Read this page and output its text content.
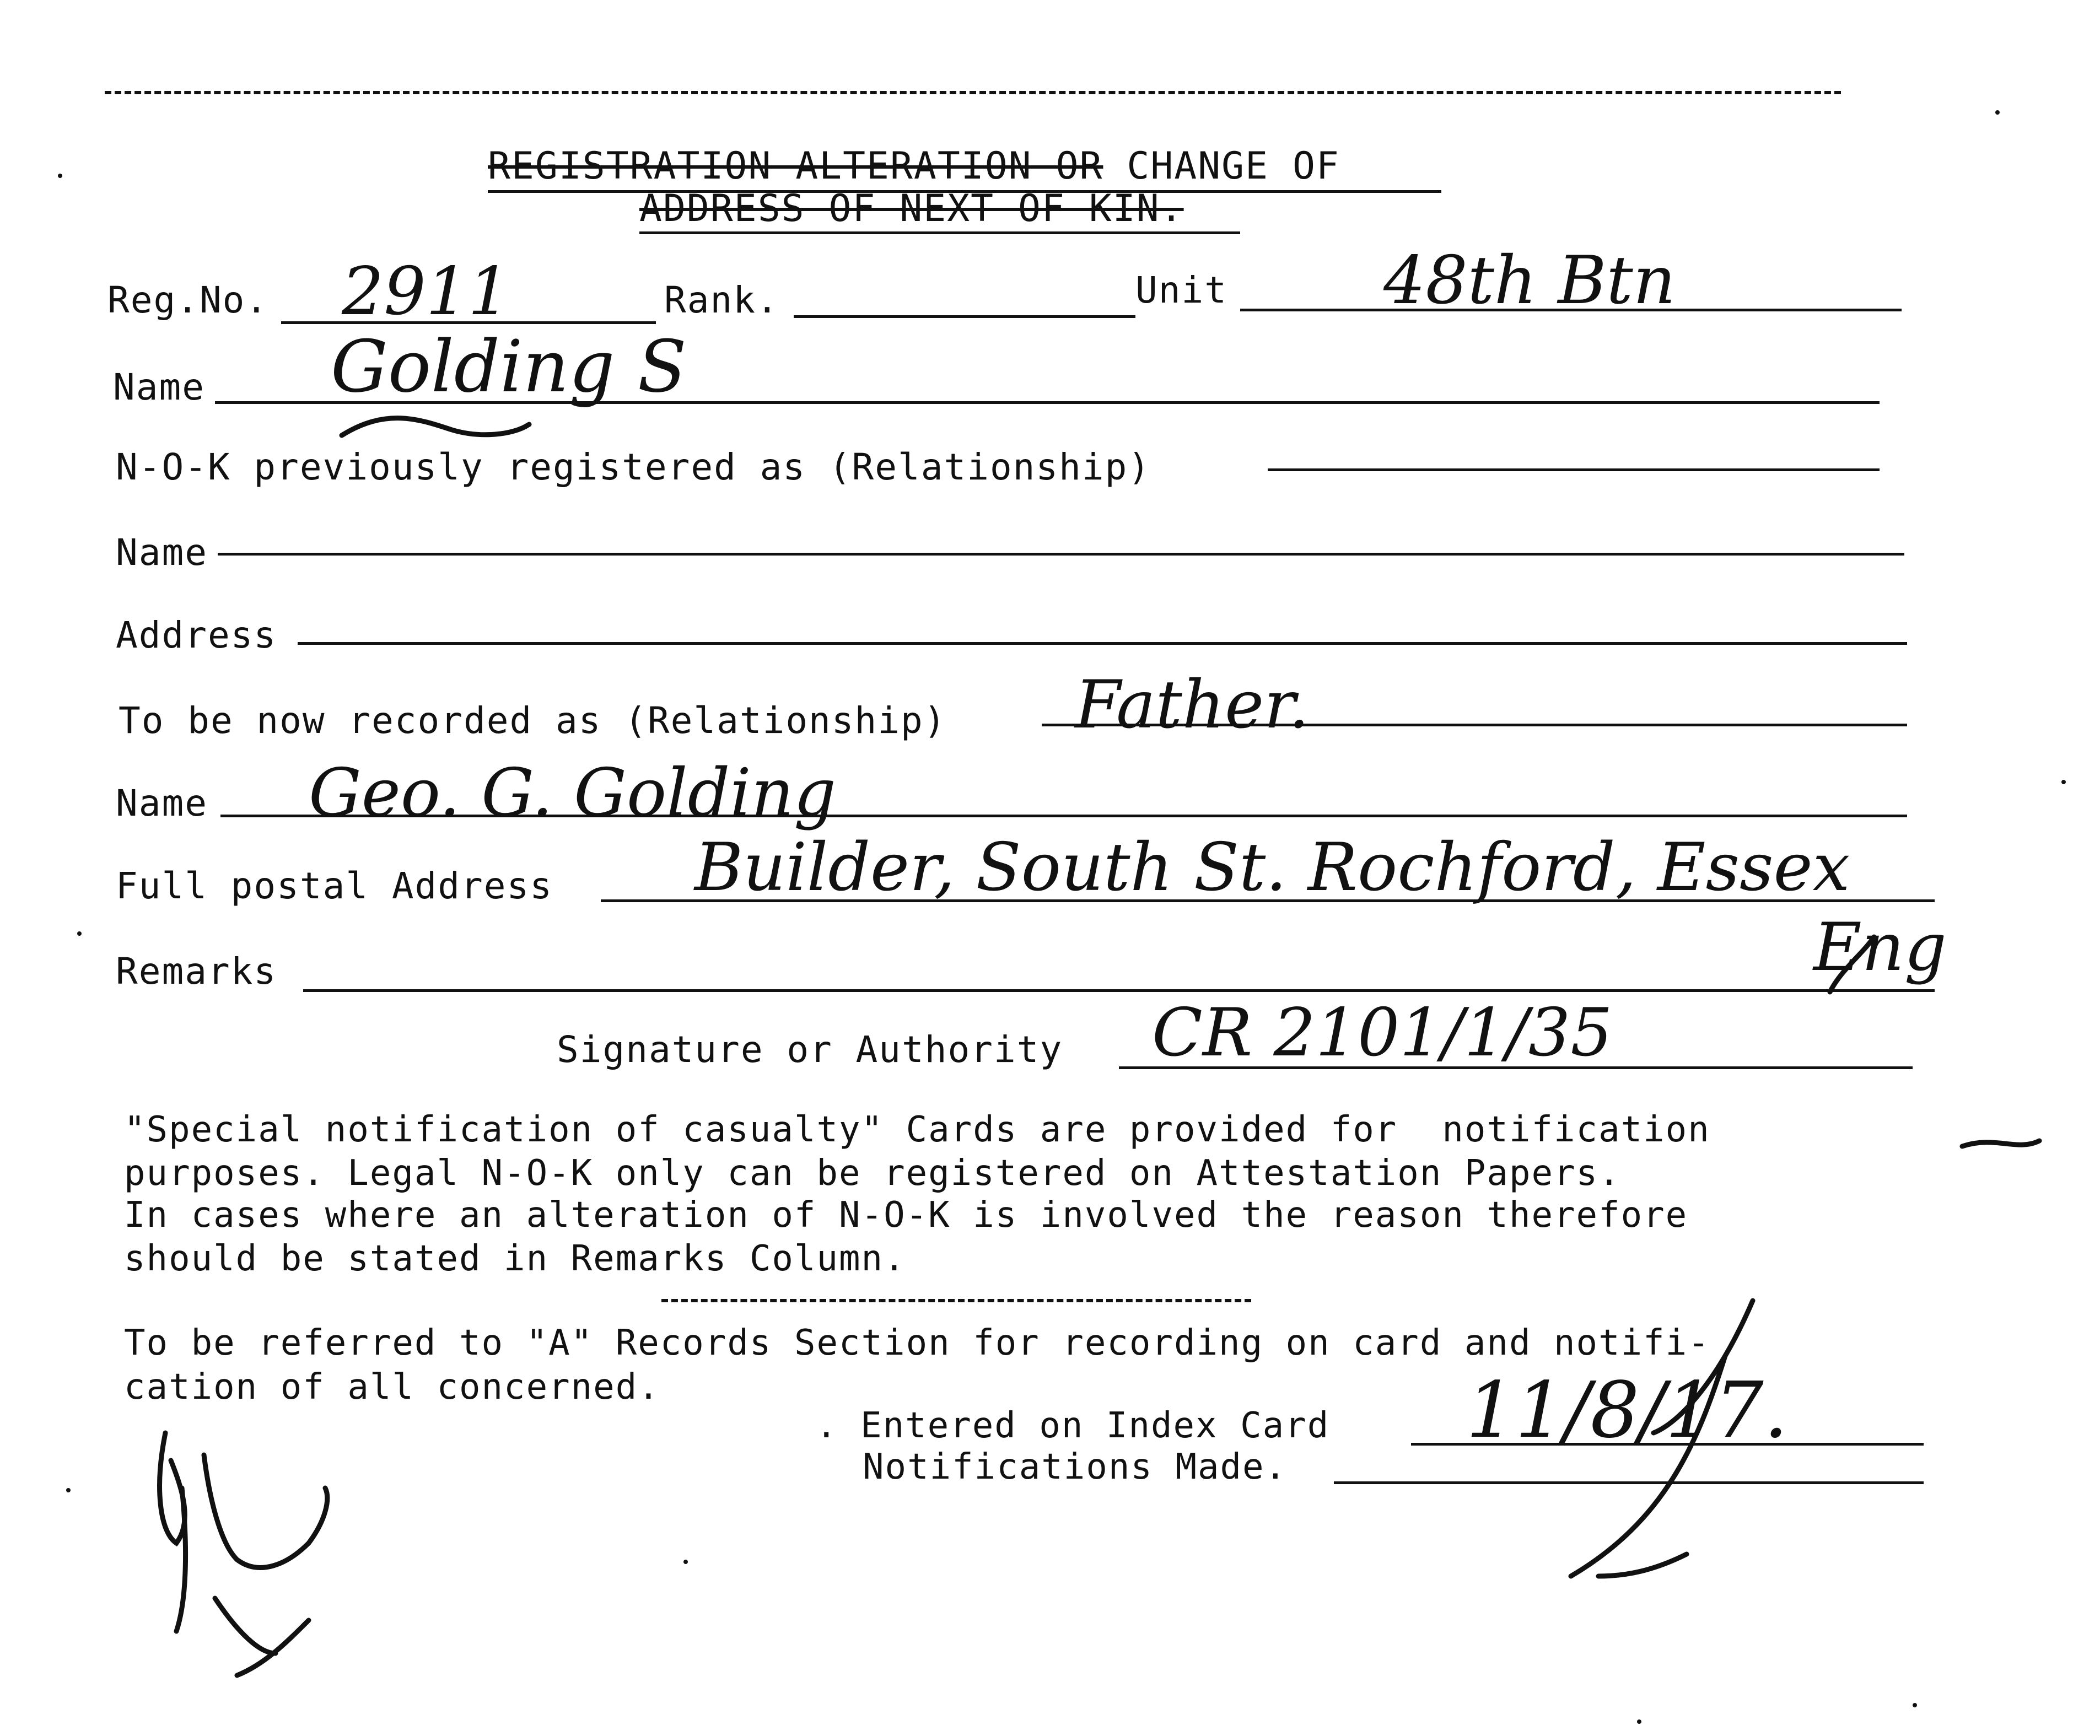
REGISTRATION ALTERATION OR CHANGE OF
ADDRESS OF NEXT OF KIN.
Reg.No. 2911	Rank.	Unit 48th Btn
Name Golding S
N-O-K previously registered as (Relationship)
Name
Address
To be now recorded as (Relationship) Father.
Name Geo. G. Golding
Full postal Address Builder, South St. Rochford, Essex
Eng
Remarks
Signature or Authority CR 2101/1/35
"Special notification of casualty" Cards are provided for  notification
purposes. Legal N-O-K only can be registered on Attestation Papers.
In cases where an alteration of N-O-K is involved the reason therefore
should be stated in Remarks Column.
To be referred to "A" Records Section for recording on card and notifi-
cation of all concerned.
. Entered on Index Card
Notifications Made.
11/8/17.
